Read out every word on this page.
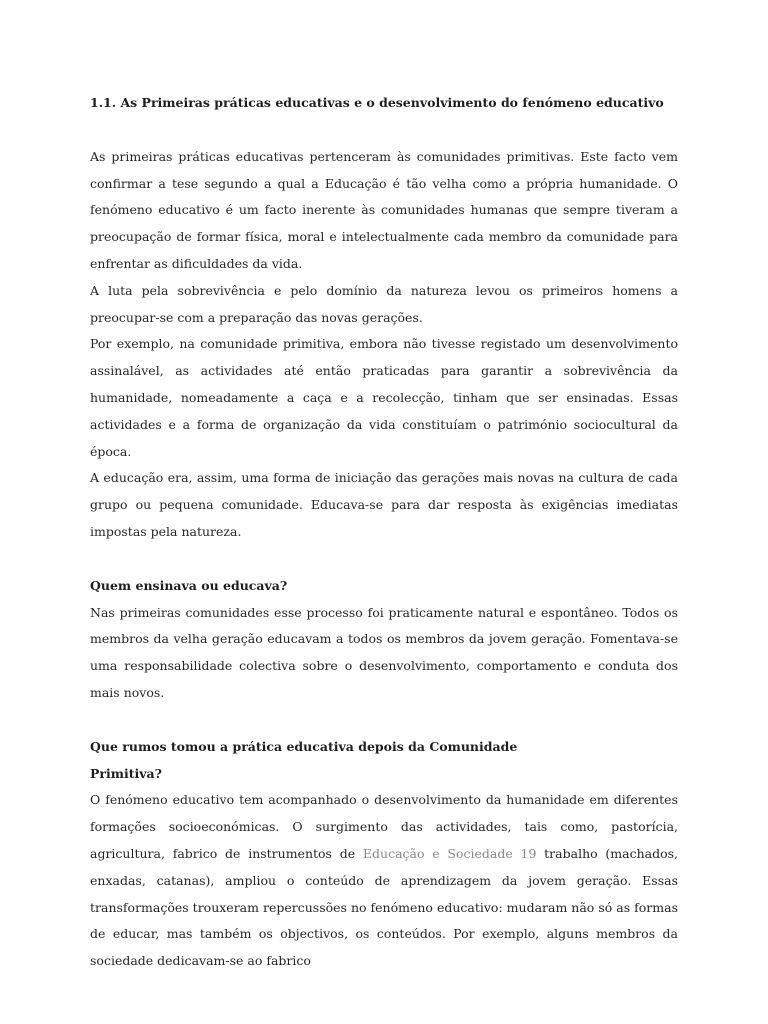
1.1. As Primeiras práticas educativas e o desenvolvimento do fenómeno educativo

As primeiras práticas educativas pertenceram às comunidades primitivas. Este facto vem confirmar a tese segundo a qual a Educação é tão velha como a própria humanidade. O fenómeno educativo é um facto inerente às comunidades humanas que sempre tiveram a preocupação de formar física, moral e intelectualmente cada membro da comunidade para enfrentar as dificuldades da vida.

A luta pela sobrevivência e pelo domínio da natureza levou os primeiros homens a preocupar-se com a preparação das novas gerações.

Por exemplo, na comunidade primitiva, embora não tivesse registado um desenvolvimento assinalável, as actividades até então praticadas para garantir a sobrevivência da humanidade, nomeadamente a caça e a recolecção, tinham que ser ensinadas. Essas actividades e a forma de organização da vida constituíam o património sociocultural da época.

A educação era, assim, uma forma de iniciação das gerações mais novas na cultura de cada grupo ou pequena comunidade. Educava-se para dar resposta às exigências imediatas impostas pela natureza.

Quem ensinava ou educava?

Nas primeiras comunidades esse processo foi praticamente natural e espontâneo. Todos os membros da velha geração educavam a todos os membros da jovem geração. Fomentava-se uma responsabilidade colectiva sobre o desenvolvimento, comportamento e conduta dos mais novos.

Que rumos tomou a prática educativa depois da Comunidade
Primitiva?

O fenómeno educativo tem acompanhado o desenvolvimento da humanidade em diferentes formações socioeconómicas. O surgimento das actividades, tais como, pastorícia, agricultura, fabrico de instrumentos de Educação e Sociedade 19 trabalho (machados, enxadas, catanas), ampliou o conteúdo de aprendizagem da jovem geração. Essas transformações trouxeram repercussões no fenómeno educativo: mudaram não só as formas de educar, mas também os objectivos, os conteúdos. Por exemplo, alguns membros da sociedade dedicavam-se ao fabrico
